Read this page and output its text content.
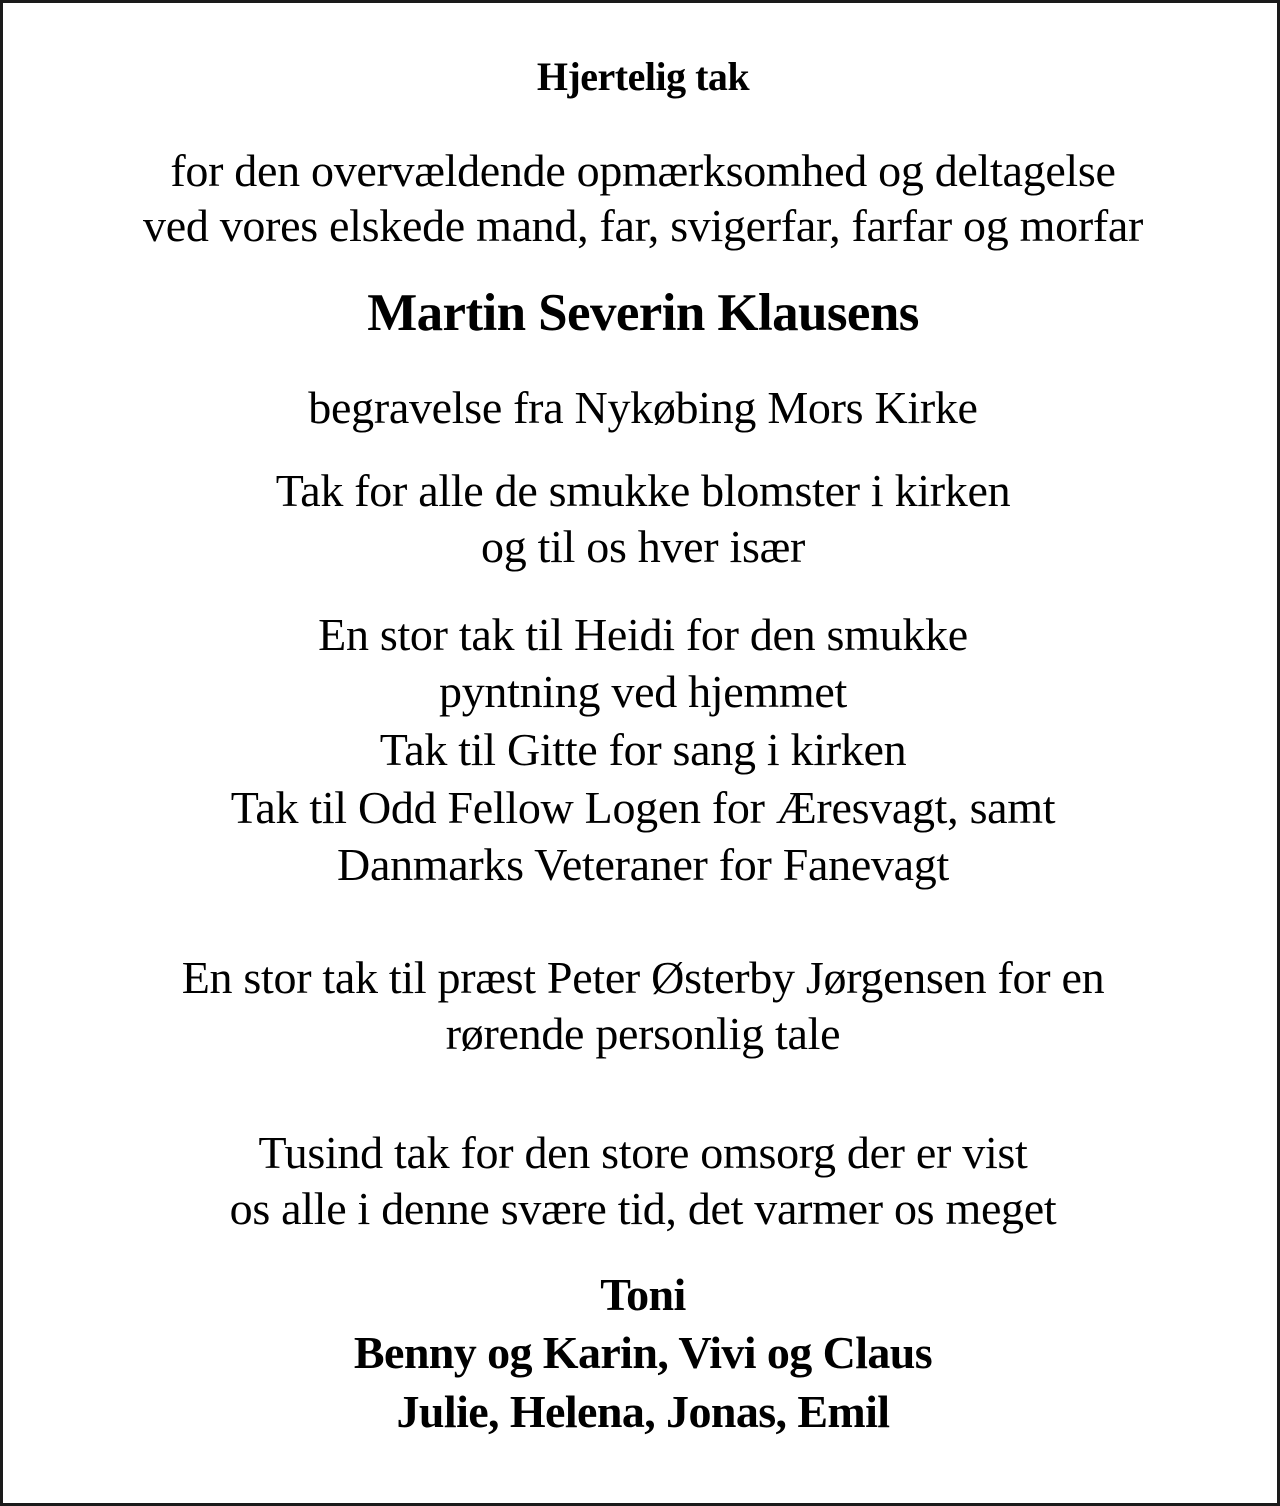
Hjertelig tak
for den overvældende opmærksomhed og deltagelse
ved vores elskede mand, far, svigerfar, farfar og morfar
Martin Severin Klausens
begravelse fra Nykøbing Mors Kirke
Tak for alle de smukke blomster i kirken
og til os hver især
En stor tak til Heidi for den smukke
pyntning ved hjemmet
Tak til Gitte for sang i kirken
Tak til Odd Fellow Logen for Æresvagt, samt
Danmarks Veteraner for Fanevagt
En stor tak til præst Peter Østerby Jørgensen for en
rørende personlig tale
Tusind tak for den store omsorg der er vist
os alle i denne svære tid, det varmer os meget
Toni
Benny og Karin, Vivi og Claus
Julie, Helena, Jonas, Emil
